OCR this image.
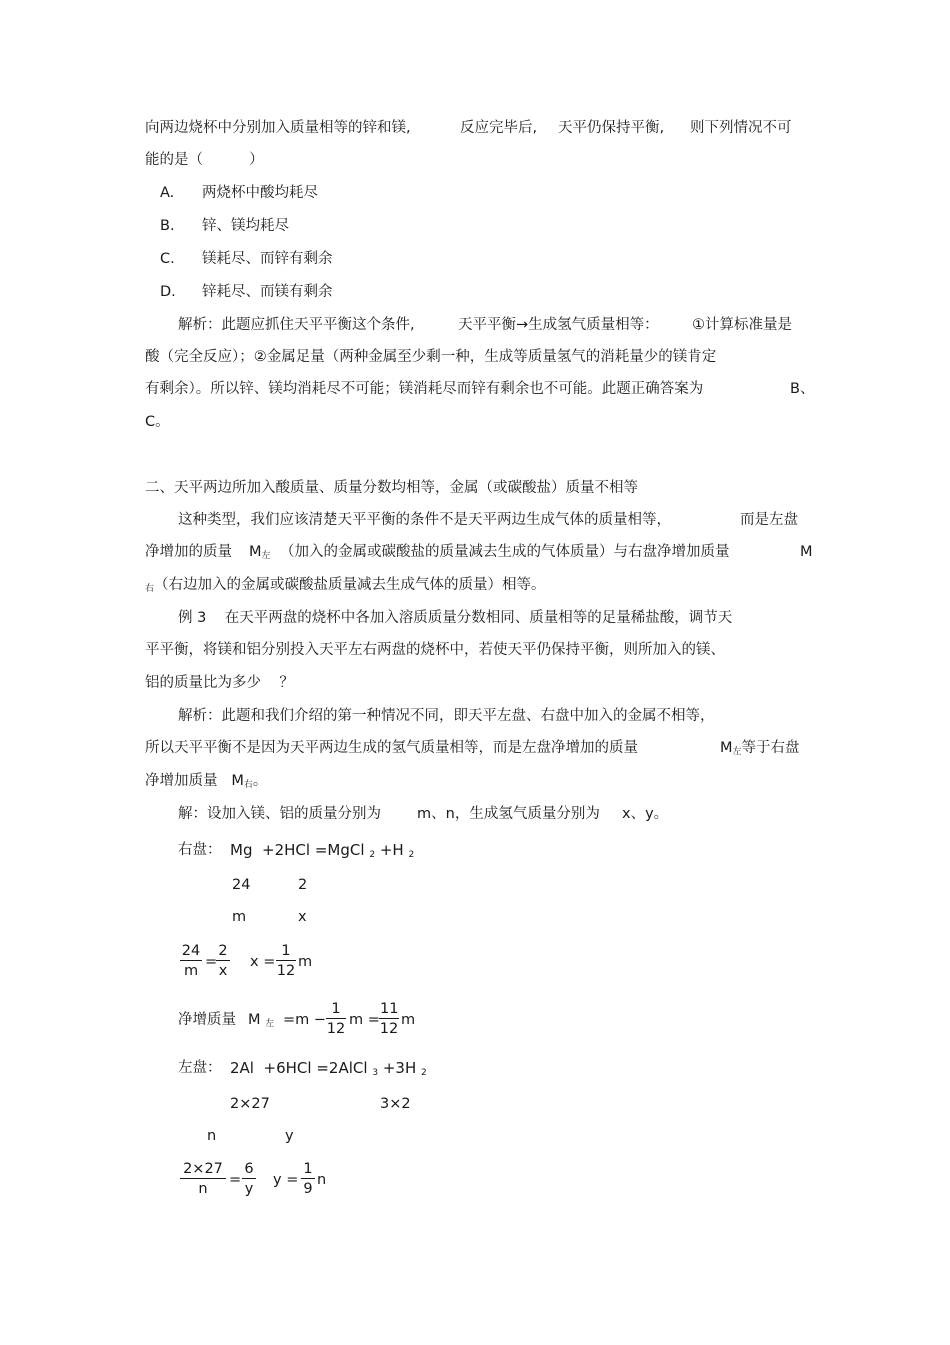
向两边烧杯中分别加入质量相等的锌和镁,	反应完毕后, 天平仍保持平衡, 则下列情况不可
能的是（          ）
A. 两烧杯中酸均耗尽
B. 锌、镁均耗尽
C. 镁耗尽、而锌有剩余
D. 锌耗尽、而镁有剩余
解析：此题应抓住天平平衡这个条件,	天平平衡→生成氢气质量相等： ①计算标准量是
酸（完全反应）；②金属足量（两种金属至少剩一种，生成等质量氢气的消耗量少的镁肯定
有剩余）。所以锌、镁均消耗尽不可能；镁消耗尽而锌有剩余也不可能。此题正确答案为	B、
C。
二、天平两边所加入酸质量、质量分数均相等，金属（或碳酸盐）质量不相等
这种类型，我们应该清楚天平平衡的条件不是天平两边生成气体的质量相等，	而是左盘
净增加的质量 $M_左$ （加入的金属或碳酸盐的质量减去生成的气体质量）与右盘净增加质量	M
$_右$（右边加入的金属或碳酸盐质量减去生成气体的质量）相等。
例 3    在天平两盘的烧杯中各加入溶质质量分数相同、质量相等的足量稀盐酸，调节天
平平衡，将镁和铝分别投入天平左右两盘的烧杯中，若使天平仍保持平衡，则所加入的镁、
铝的质量比为多少    ？
解析：此题和我们介绍的第一种情况不同，即天平左盘、右盘中加入的金属不相等，
所以天平平衡不是因为天平两边生成的氢气质量相等，而是左盘净增加的质量	$M_左$等于右盘
净增加质量 $M_右$。
解：设加入镁、铝的质量分别为 m、n，生成氢气质量分别为 x、y。
右盘： Mg +2HCl =MgCl $_2$ +H $_2$
24	2
m	x
$\frac{24}{m}$ =
$\frac{2}{x}$ $x = \frac{1}{12}$ m
净增质量 M $_左 =m - \frac{1}{12}$ $m = \frac{11}{12}$ m
左盘： 2Al +6HCl =2AlCl $_3$ +3H $_2$
2×27	3×2
n	y
$\frac{2\times 27}{n} = \frac{6}{y}$ $y = \frac{1}{9}$ n
